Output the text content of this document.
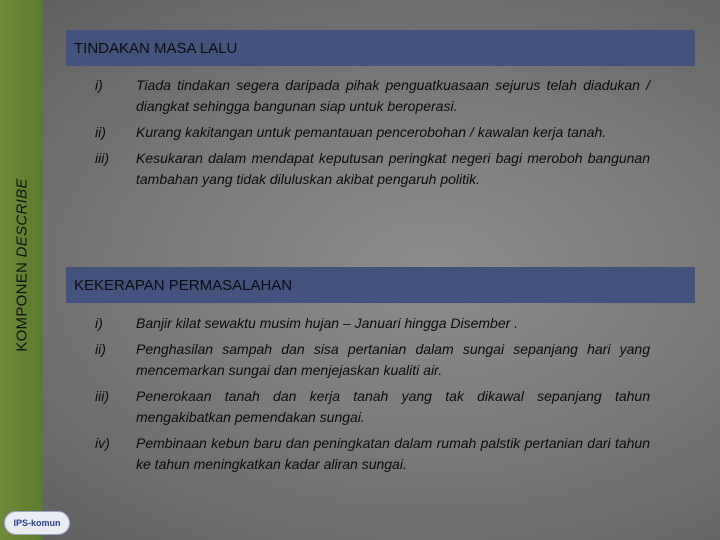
KOMPONEN DESCRIBE
TINDAKAN MASA LALU
i) Tiada tindakan segera daripada pihak penguatkuasaan sejurus telah diadukan / diangkat sehingga bangunan siap untuk beroperasi.
ii) Kurang kakitangan untuk pemantauan pencerobohan / kawalan kerja tanah.
iii) Kesukaran dalam mendapat keputusan peringkat negeri bagi meroboh bangunan tambahan yang tidak diluluskan akibat pengaruh politik.
KEKERAPAN PERMASALAHAN
i) Banjir kilat sewaktu musim hujan – Januari hingga Disember .
ii) Penghasilan sampah dan sisa pertanian dalam sungai sepanjang hari yang mencemarkan sungai dan menjejaskan kualiti air.
iii) Penerokaan tanah dan kerja tanah yang tak dikawal sepanjang tahun mengakibatkan pemendakan sungai.
iv) Pembinaan kebun baru dan peningkatan dalam rumah palstik pertanian dari tahun ke tahun meningkatkan kadar aliran sungai.
IPS-komun
